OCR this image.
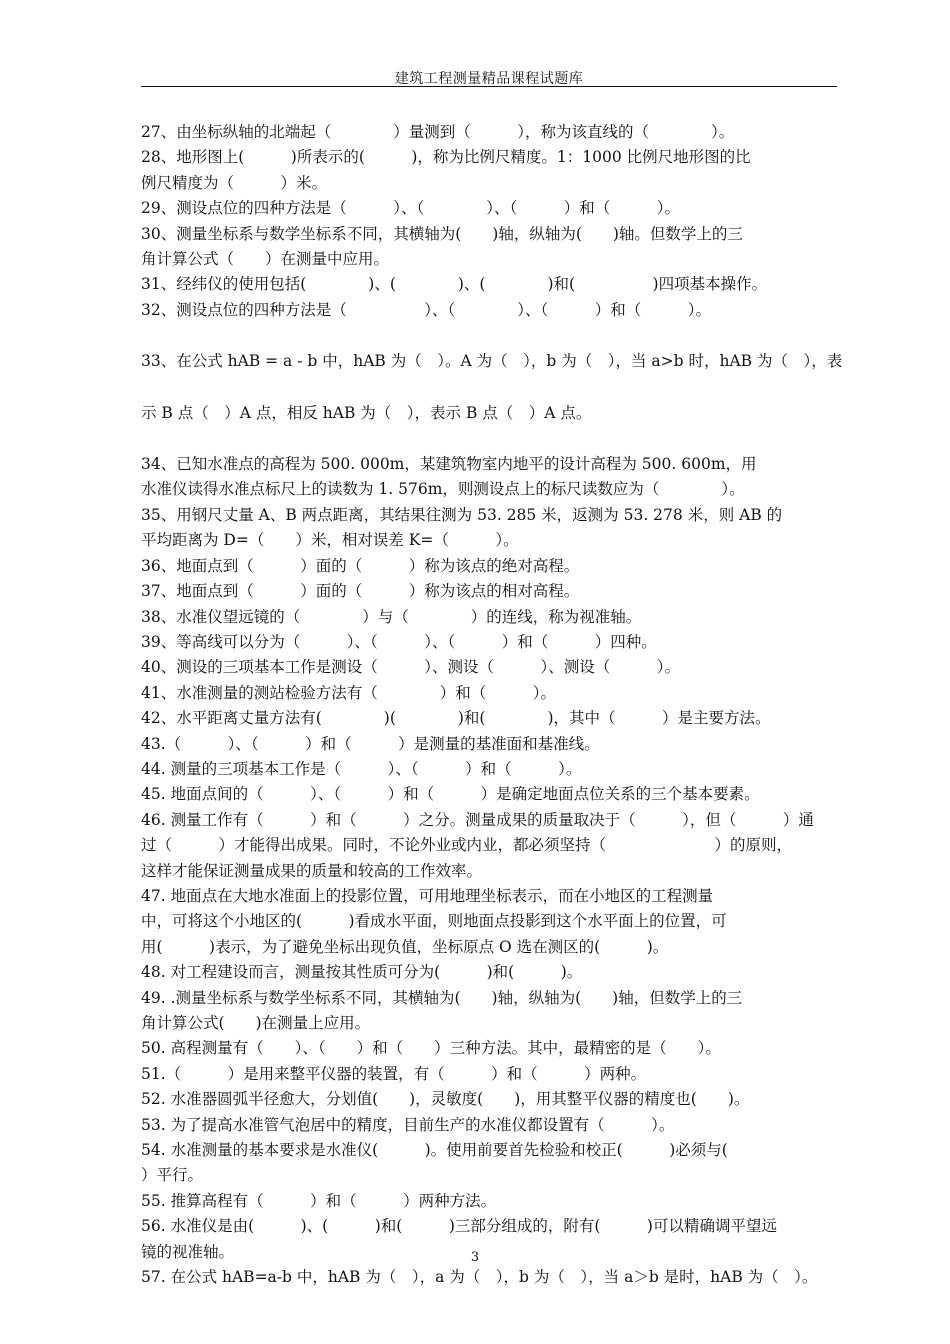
建筑工程测量精品课程试题库
27、由坐标纵轴的北端起（　　　　）量测到（　　　），称为该直线的（　　　　）。
28、地形图上(　　　)所表示的(　　　)，称为比例尺精度。1：1000 比例尺地形图的比
例尺精度为（　　　）米。
29、测设点位的四种方法是（　　　）、（　　　　）、（　　　）和（　　　）。
30、测量坐标系与数学坐标系不同，其横轴为(　　)轴，纵轴为(　　)轴。但数学上的三
角计算公式（　　）在测量中应用。
31、经纬仪的使用包括(　　　　)、(　　　　)、(　　　　)和(　　　　　)四项基本操作。
32、测设点位的四种方法是（　　　　　）、（　　　　）、（　　　）和（　　　）。
33、在公式 hAB = a - b 中，hAB 为（　）。A 为（　），b 为（　），当 a>b 时，hAB 为（　），表
示 B 点（　）A 点，相反 hAB 为（　），表示 B 点（　）A 点。
34、已知水准点的高程为 500. 000m，某建筑物室内地平的设计高程为 500. 600m，用
水准仪读得水准点标尺上的读数为 1. 576m，则测设点上的标尺读数应为（　　　　）。
35、用钢尺丈量 A、B 两点距离，其结果往测为 53. 285 米，返测为 53. 278 米，则 AB 的
平均距离为 D=（　　）米，相对误差 K=（　　　）。
36、地面点到（　　　）面的（　　　）称为该点的绝对高程。
37、地面点到（　　　）面的（　　　）称为该点的相对高程。
38、水准仪望远镜的（　　　　）与（　　　　）的连线，称为视准轴。
39、等高线可以分为（　　　）、（　　　）、（　　　）和（　　　）四种。
40、测设的三项基本工作是测设（　　　）、测设（　　　）、测设（　　　）。
41、水准测量的测站检验方法有（　　　　）和（　　　）。
42、水平距离丈量方法有(　　　　)(　　　　)和(　　　　)，其中（　　　）是主要方法。
43.（　　　）、（　　　）和（　　　）是测量的基准面和基准线。
44. 测量的三项基本工作是（　　　）、（　　　）和（　　　）。
45. 地面点间的（　　　）、（　　　）和（　　　）是确定地面点位关系的三个基本要素。
46. 测量工作有（　　　）和（　　　）之分。测量成果的质量取决于（　　　），但（　　　）通
过（　　　）才能得出成果。同时，不论外业或内业，都必须坚持（　　　　　　　）的原则，
这样才能保证测量成果的质量和较高的工作效率。
47. 地面点在大地水准面上的投影位置，可用地理坐标表示，而在小地区的工程测量
中，可将这个小地区的(　　　)看成水平面，则地面点投影到这个水平面上的位置，可
用(　　　)表示，为了避免坐标出现负值，坐标原点 O 选在测区的(　　　)。
48. 对工程建设而言，测量按其性质可分为(　　　)和(　　　)。
49. .测量坐标系与数学坐标系不同，其横轴为(　　)轴，纵轴为(　　)轴，但数学上的三
角计算公式(　　)在测量上应用。
50. 高程测量有（　　）、（　　）和（　　）三种方法。其中，最精密的是（　　）。
51.（　　　）是用来整平仪器的装置，有（　　　）和（　　　）两种。
52. 水准器圆弧半径愈大，分划值(　　)，灵敏度(　　)，用其整平仪器的精度也(　　)。
53. 为了提高水准管气泡居中的精度，目前生产的水准仪都设置有（　　　）。
54. 水准测量的基本要求是水准仪(　　　)。使用前要首先检验和校正(　　　)必须与(
）平行。
55. 推算高程有（　　　）和（　　　）两种方法。
56. 水准仪是由(　　　)、(　　　)和(　　　)三部分组成的，附有(　　　)可以精确调平望远
镜的视准轴。
57. 在公式 hAB=a-b 中，hAB 为（　），a 为（　），b 为（　），当 a＞b 是时，hAB 为（　）。
3
